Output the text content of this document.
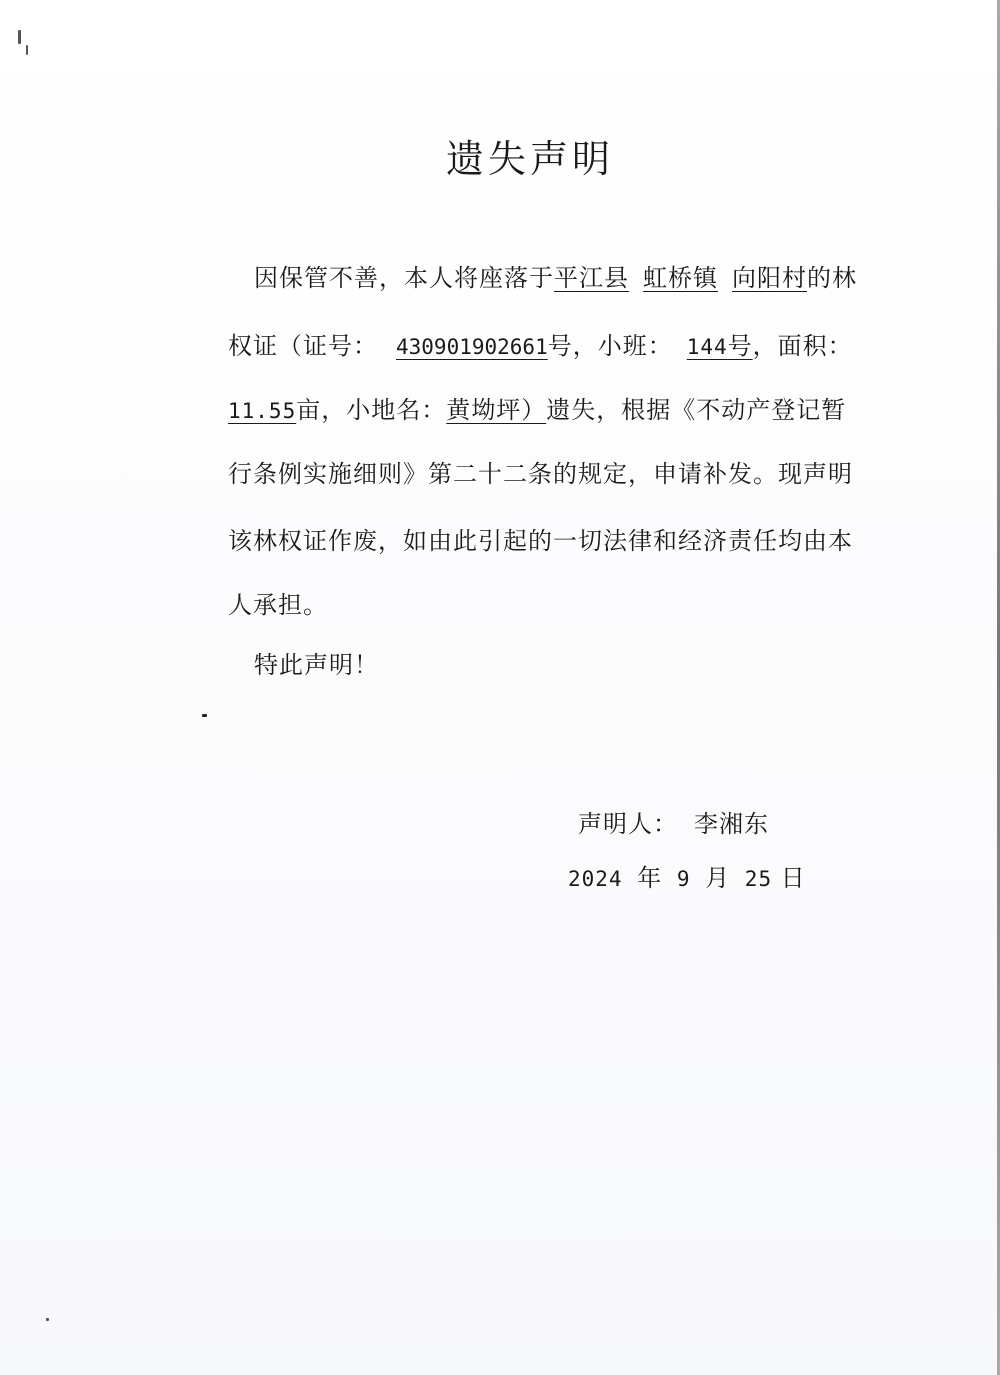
遗失声明
因保管不善，本人将座落于平江县 虹桥镇 向阳村的林
权证（证号： 430901902661号，小班： 144号，面积：
11.55亩，小地名：黄坳坪）遗失，根据《不动产登记暂
行条例实施细则》第二十二条的规定，申请补发。现声明
该林权证作废，如由此引起的一切法律和经济责任均由本
人承担。
特此声明！
声明人： 李湘东
2024 年 9 月 25 日
